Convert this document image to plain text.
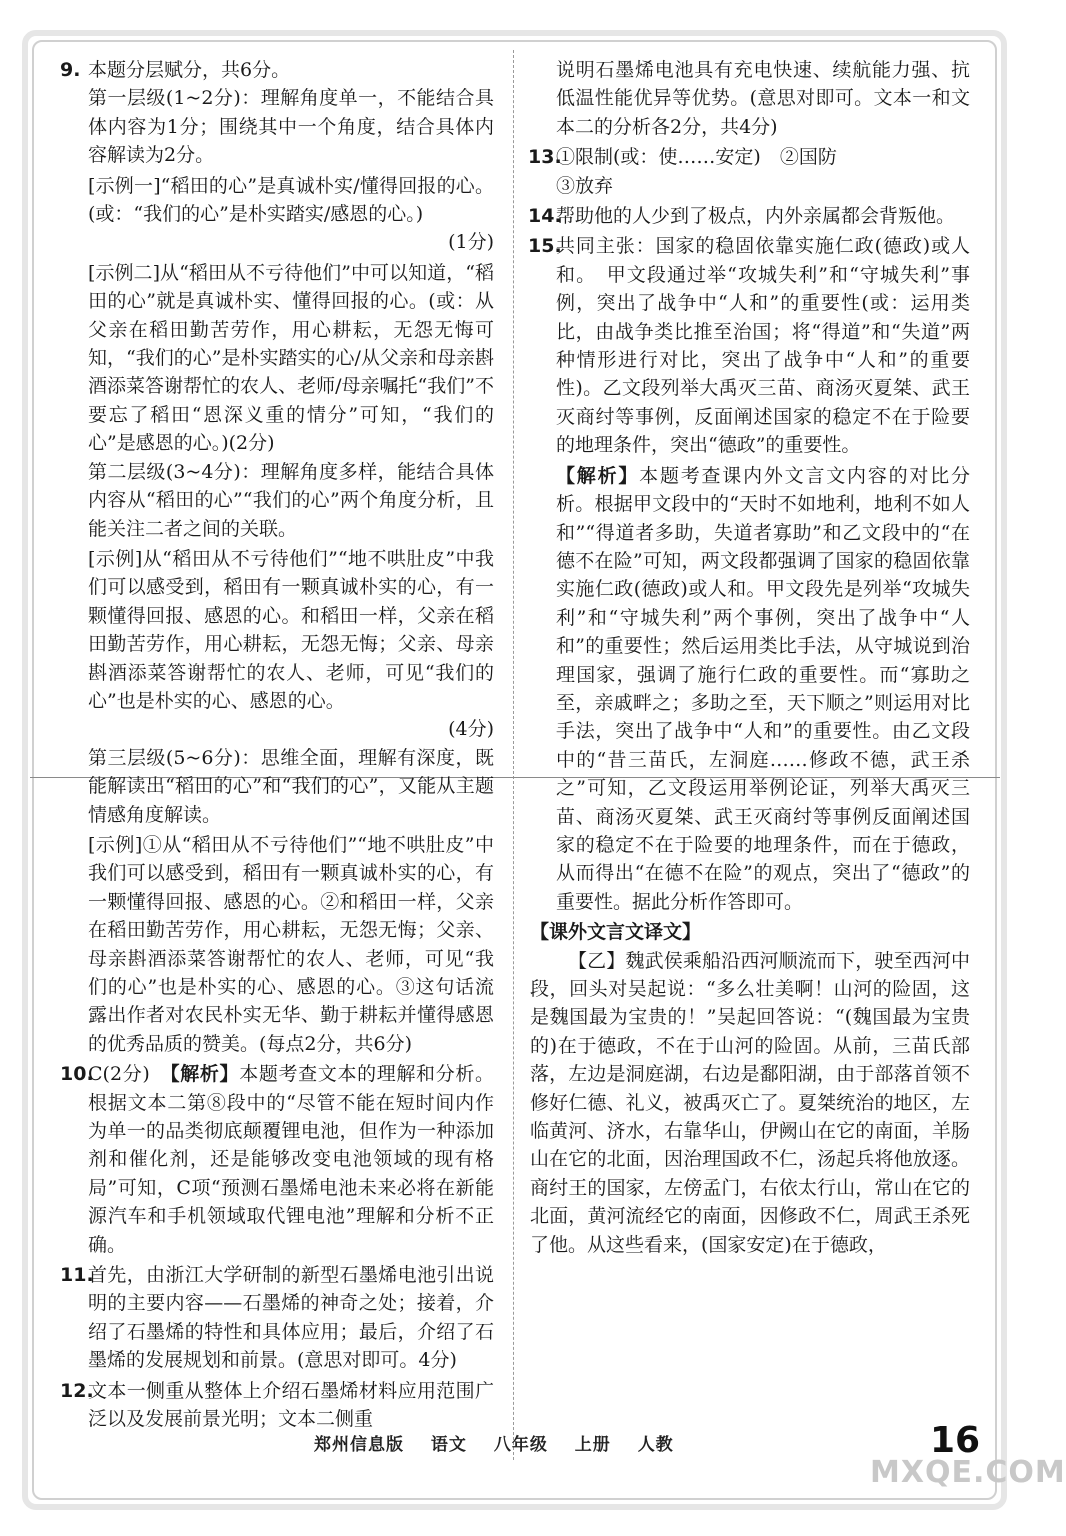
9. 本题分层赋分，共6分。

第一层级(1~2分)：理解角度单一，不能结合具体内容为1分；围绕其中一个角度，结合具体内容解读为2分。

[示例一]“稻田的心”是真诚朴实/懂得回报的心。(或：“我们的心”是朴实踏实/感恩的心。)

(1分)

[示例二]从“稻田从不亏待他们”中可以知道，“稻田的心”就是真诚朴实、懂得回报的心。(或：从父亲在稻田勤苦劳作，用心耕耘，无怨无悔可知，“我们的心”是朴实踏实的心/从父亲和母亲斟酒添菜答谢帮忙的农人、老师/母亲嘱托“我们”不要忘了稻田“恩深义重的情分”可知，“我们的心”是感恩的心。)(2分)

第二层级(3~4分)：理解角度多样，能结合具体内容从“稻田的心”“我们的心”两个角度分析，且能关注二者之间的关联。

[示例]从“稻田从不亏待他们”“地不哄肚皮”中我们可以感受到，稻田有一颗真诚朴实的心，有一颗懂得回报、感恩的心。和稻田一样，父亲在稻田勤苦劳作，用心耕耘，无怨无悔；父亲、母亲斟酒添菜答谢帮忙的农人、老师，可见“我们的心”也是朴实的心、感恩的心。

(4分)

第三层级(5~6分)：思维全面，理解有深度，既能解读出“稻田的心”和“我们的心”，又能从主题情感角度解读。

[示例]①从“稻田从不亏待他们”“地不哄肚皮”中我们可以感受到，稻田有一颗真诚朴实的心，有一颗懂得回报、感恩的心。②和稻田一样，父亲在稻田勤苦劳作，用心耕耘，无怨无悔；父亲、母亲斟酒添菜答谢帮忙的农人、老师，可见“我们的心”也是朴实的心、感恩的心。③这句话流露出作者对农民朴实无华、勤于耕耘并懂得感恩的优秀品质的赞美。(每点2分，共6分)

10.

C(2分)　 【解析】本题考查文本的理解和分析。根据文本二第⑧段中的“尽管不能在短时间内作为单一的品类彻底颠覆锂电池，但作为一种添加剂和催化剂，还是能够改变电池领域的现有格局”可知，C项“预测石墨烯电池未来必将在新能源汽车和手机领域取代锂电池”理解和分析不正确。

11.

首先，由浙江大学研制的新型石墨烯电池引出说明的主要内容——石墨烯的神奇之处；接着，介绍了石墨烯的特性和具体应用；最后，介绍了石墨烯的发展规划和前景。(意思对即可。4分)

12.

文本一侧重从整体上介绍石墨烯材料应用范围广泛以及发展前景光明；文本二侧重

说明石墨烯电池具有充电快速、续航能力强、抗低温性能优异等优势。(意思对即可。文本一和文本二的分析各2分，共4分)

13.

①限制(或：使……安定)　②国防

③放弃

14.

帮助他的人少到了极点，内外亲属都会背叛他。

15.

共同主张：国家的稳固依靠实施仁政(德政)或人和。　甲文段通过举“攻城失利”和“守城失利”事例，突出了战争中“人和”的重要性(或：运用类比，由战争类比推至治国；将“得道”和“失道”两种情形进行对比，突出了战争中“人和”的重要性)。乙文段列举大禹灭三苗、商汤灭夏桀、武王灭商纣等事例，反面阐述国家的稳定不在于险要的地理条件，突出“德政”的重要性。

【解析】本题考查课内外文言文内容的对比分析。根据甲文段中的“天时不如地利，地利不如人和”“得道者多助，失道者寡助”和乙文段中的“在德不在险”可知，两文段都强调了国家的稳固依靠实施仁政(德政)或人和。甲文段先是列举“攻城失利”和“守城失利”两个事例，突出了战争中“人和”的重要性；然后运用类比手法，从守城说到治理国家，强调了施行仁政的重要性。而“寡助之至，亲戚畔之；多助之至，天下顺之”则运用对比手法，突出了战争中“人和”的重要性。由乙文段中的“昔三苗氏，左洞庭……修政不德，武王杀之”可知，乙文段运用举例论证，列举大禹灭三苗、商汤灭夏桀、武王灭商纣等事例反面阐述国家的稳定不在于险要的地理条件，而在于德政，从而得出“在德不在险”的观点，突出了“德政”的重要性。据此分析作答即可。

【课外文言文译文】

【乙】魏武侯乘船沿西河顺流而下，驶至西河中段，回头对吴起说：“多么壮美啊！山河的险固，这是魏国最为宝贵的！”吴起回答说：“(魏国最为宝贵的)在于德政，不在于山河的险固。从前，三苗氏部落，左边是洞庭湖，右边是鄱阳湖，由于部落首领不修好仁德、礼义，被禹灭亡了。夏桀统治的地区，左临黄河、济水，右靠华山，伊阙山在它的南面，羊肠山在它的北面，因治理国政不仁，汤起兵将他放逐。商纣王的国家，左傍孟门，右依太行山，常山在它的北面，黄河流经它的南面，因修政不仁，周武王杀死了他。从这些看来，(国家安定)在于德政，

郑州信息版 语文 八年级 上册 人教	16
MXQE.COM
